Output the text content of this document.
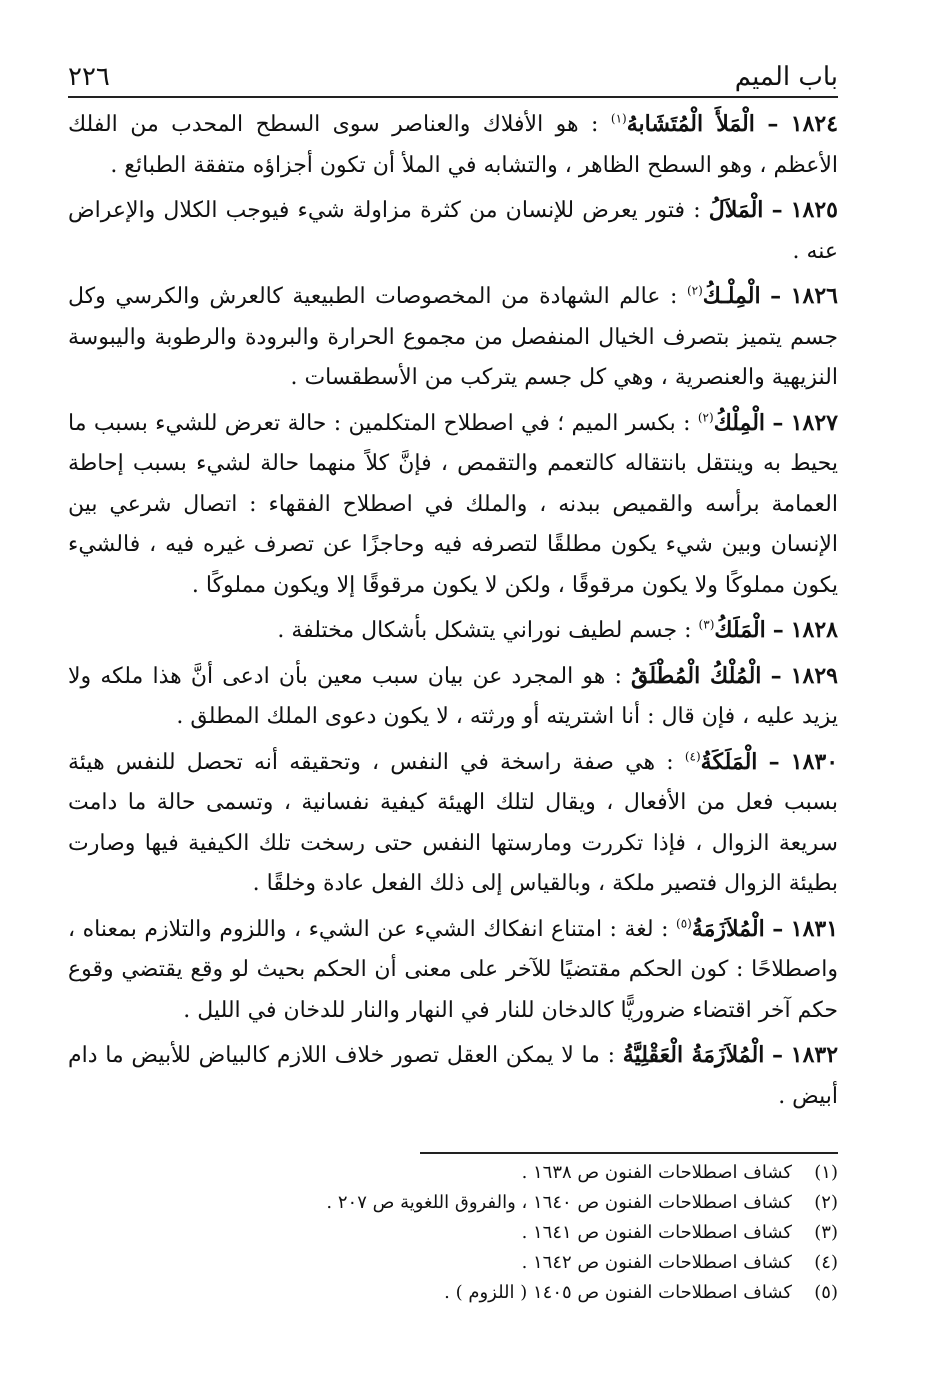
باب الميم
٢٢٦

١٨٢٤ – الْمَلأَ الْمُتَشَابهُ$^{(١)}$ : هو الأفلاك والعناصر سوى السطح المحدب من الفلك الأعظم ، وهو السطح الظاهر ، والتشابه في الملأ أن تكون أجزاؤه متفقة الطبائع .

١٨٢٥ – الْمَلاَلُ : فتور يعرض للإنسان من كثرة مزاولة شيء فيوجب الكلال والإعراض عنه .

١٨٢٦ – الْمِلْـكُ$^{(٢)}$ : عالم الشهادة من المخصوصات الطبيعية كالعرش والكرسي وكل جسم يتميز بتصرف الخيال المنفصل من مجموع الحرارة والبرودة والرطوبة واليبوسة النزيهية والعنصرية ، وهي كل جسم يتركب من الأسطقسات .

١٨٢٧ – الْمِلْكُ$^{(٢)}$ : بكسر الميم ؛ في اصطلاح المتكلمين : حالة تعرض للشيء بسبب ما يحيط به وينتقل بانتقاله كالتعمم والتقمص ، فإنَّ كلاً منهما حالة لشيء بسبب إحاطة العمامة برأسه والقميص ببدنه ، والملك في اصطلاح الفقهاء : اتصال شرعي بين الإنسان وبين شيء يكون مطلقًا لتصرفه فيه وحاجزًا عن تصرف غيره فيه ، فالشيء يكون مملوكًا ولا يكون مرقوقًا ، ولكن لا يكون مرقوقًا إلا ويكون مملوكًا .

١٨٢٨ – الْمَلَكُ$^{(٣)}$ : جسم لطيف نوراني يتشكل بأشكال مختلفة .

١٨٢٩ – الْمُلْكُ الْمُطْلَقُ : هو المجرد عن بيان سبب معين بأن ادعى أنَّ هذا ملكه ولا يزيد عليه ، فإن قال : أنا اشتريته أو ورثته ، لا يكون دعوى الملك المطلق .

١٨٣٠ – الْمَلَكَةُ$^{(٤)}$ : هي صفة راسخة في النفس ، وتحقيقه أنه تحصل للنفس هيئة بسبب فعل من الأفعال ، ويقال لتلك الهيئة كيفية نفسانية ، وتسمى حالة ما دامت سريعة الزوال ، فإذا تكررت ومارستها النفس حتى رسخت تلك الكيفية فيها وصارت بطيئة الزوال فتصير ملكة ، وبالقياس إلى ذلك الفعل عادة وخلقًا .

١٨٣١ – الْمُلاَزَمَةُ$^{(٥)}$ : لغة : امتناع انفكاك الشيء عن الشيء ، واللزوم والتلازم بمعناه ، واصطلاحًا : كون الحكم مقتضيًا للآخر على معنى أن الحكم بحيث لو وقع يقتضي وقوع حكم آخر اقتضاء ضروريًّا كالدخان للنار في النهار والنار للدخان في الليل .

١٨٣٢ – الْمُلاَزَمَةُ الْعَقْلِيَّةُ : ما لا يمكن العقل تصور خلاف اللازم كالبياض للأبيض ما دام أبيض .

(١)
كشاف اصطلاحات الفنون ص ١٦٣٨ .
(٢)
كشاف اصطلاحات الفنون ص ١٦٤٠ ، والفروق اللغوية ص ٢٠٧ .
(٣)
كشاف اصطلاحات الفنون ص ١٦٤١ .
(٤)
كشاف اصطلاحات الفنون ص ١٦٤٢ .
(٥)
كشاف اصطلاحات الفنون ص ١٤٠٥ ( اللزوم ) .
